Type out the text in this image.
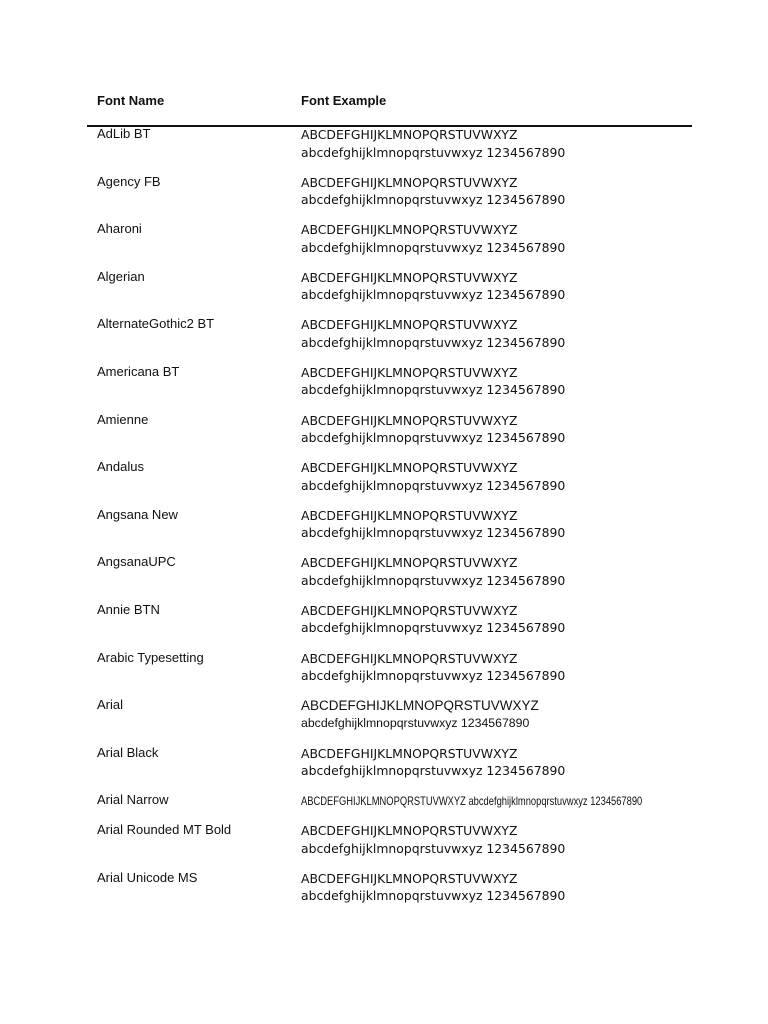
Font Name	Font Example
AdLib BT	ABCDEFGHIJKLMNOPQRSTUVWXYZ
abcdefghijklmnopqrstuvwxyz 1234567890
Agency FB	ABCDEFGHIJKLMNOPQRSTUVWXYZ
abcdefghijklmnopqrstuvwxyz 1234567890
Aharoni	ABCDEFGHIJKLMNOPQRSTUVWXYZ
abcdefghijklmnopqrstuvwxyz 1234567890
Algerian	ABCDEFGHIJKLMNOPQRSTUVWXYZ
abcdefghijklmnopqrstuvwxyz 1234567890
AlternateGothic2 BT	ABCDEFGHIJKLMNOPQRSTUVWXYZ
abcdefghijklmnopqrstuvwxyz 1234567890
Americana BT	ABCDEFGHIJKLMNOPQRSTUVWXYZ
abcdefghijklmnopqrstuvwxyz 1234567890
Amienne	ABCDEFGHIJKLMNOPQRSTUVWXYZ
abcdefghijklmnopqrstuvwxyz 1234567890
Andalus	ABCDEFGHIJKLMNOPQRSTUVWXYZ
abcdefghijklmnopqrstuvwxyz 1234567890
Angsana New	ABCDEFGHIJKLMNOPQRSTUVWXYZ
abcdefghijklmnopqrstuvwxyz 1234567890
AngsanaUPC	ABCDEFGHIJKLMNOPQRSTUVWXYZ
abcdefghijklmnopqrstuvwxyz 1234567890
Annie BTN	ABCDEFGHIJKLMNOPQRSTUVWXYZ
abcdefghijklmnopqrstuvwxyz 1234567890
Arabic Typesetting	ABCDEFGHIJKLMNOPQRSTUVWXYZ
abcdefghijklmnopqrstuvwxyz 1234567890
Arial	ABCDEFGHIJKLMNOPQRSTUVWXYZ
abcdefghijklmnopqrstuvwxyz 1234567890
Arial Black	ABCDEFGHIJKLMNOPQRSTUVWXYZ
abcdefghijklmnopqrstuvwxyz 1234567890
Arial Narrow	ABCDEFGHIJKLMNOPQRSTUVWXYZ abcdefghijklmnopqrstuvwxyz 1234567890
Arial Rounded MT Bold	ABCDEFGHIJKLMNOPQRSTUVWXYZ
abcdefghijklmnopqrstuvwxyz 1234567890
Arial Unicode MS	ABCDEFGHIJKLMNOPQRSTUVWXYZ
abcdefghijklmnopqrstuvwxyz 1234567890
